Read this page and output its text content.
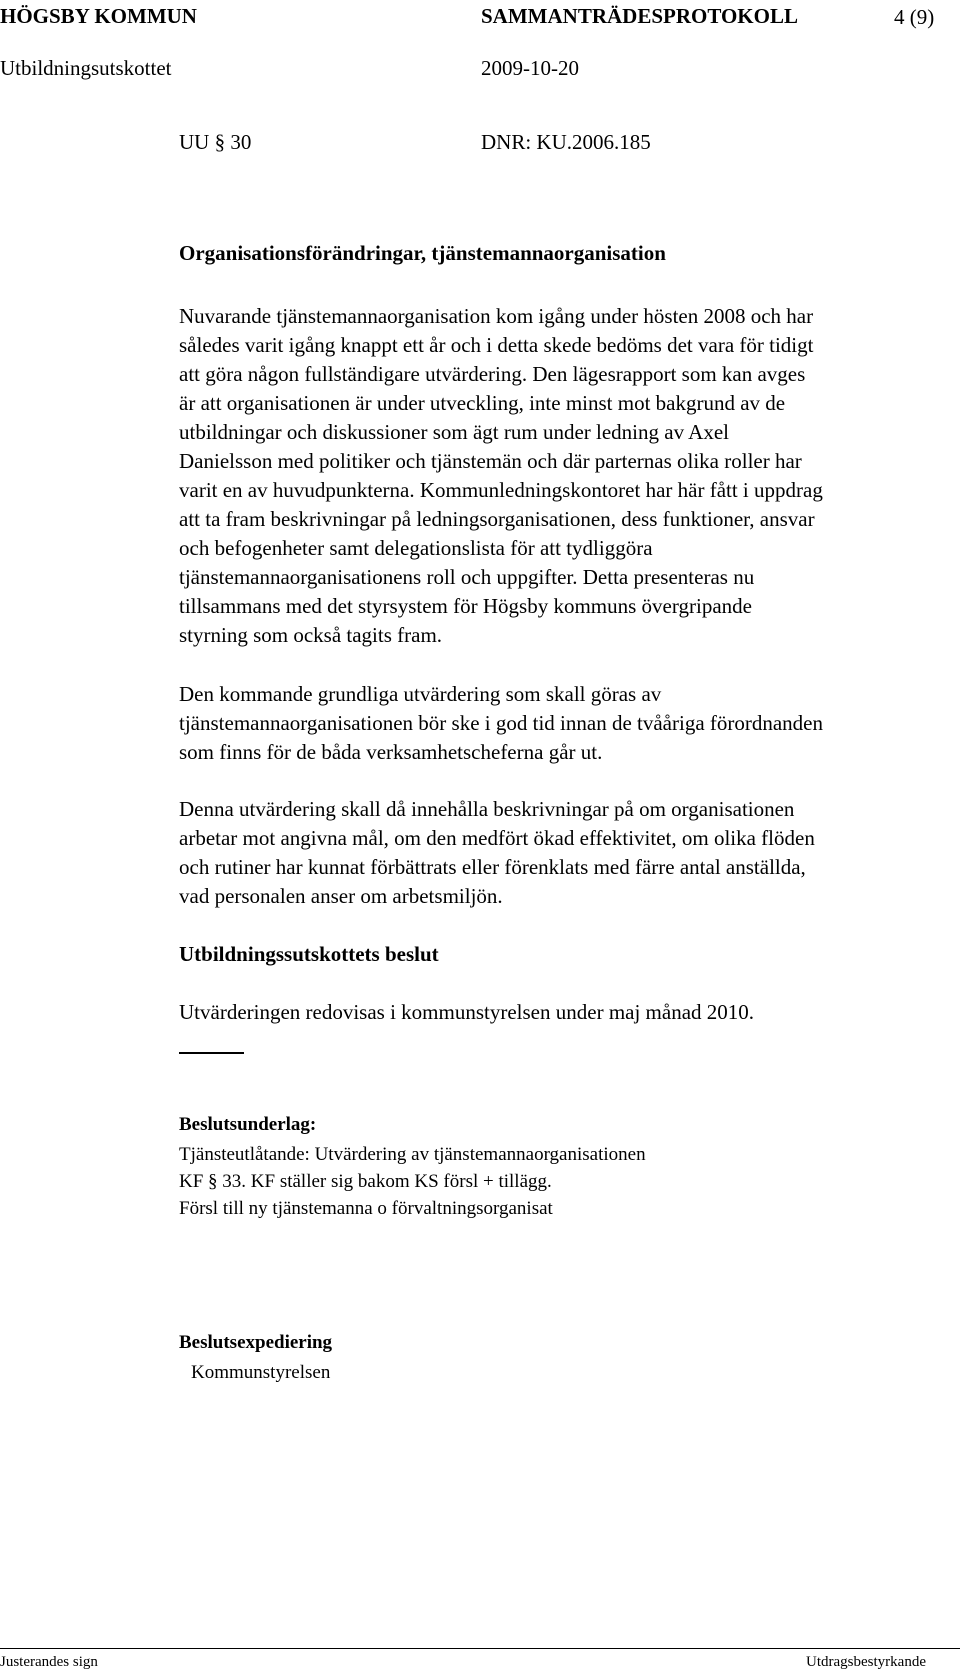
HÖGSBY KOMMUN	SAMMANTRÄDESPROTOKOLL	4 (9)
Utbildningsutskottet	2009-10-20
UU § 30	DNR: KU.2006.185
Organisationsförändringar, tjänstemannaorganisation
Nuvarande tjänstemannaorganisation kom igång under hösten 2008 och har
således varit igång knappt ett år och i detta skede bedöms det vara för tidigt
att göra någon fullständigare utvärdering. Den lägesrapport som kan avges
är att organisationen är under utveckling, inte minst mot bakgrund av de
utbildningar och diskussioner som ägt rum under ledning av Axel
Danielsson med politiker och tjänstemän och där parternas olika roller har
varit en av huvudpunkterna. Kommunledningskontoret har här fått i uppdrag
att ta fram beskrivningar på ledningsorganisationen, dess funktioner, ansvar
och befogenheter samt delegationslista för att tydliggöra
tjänstemannaorganisationens roll och uppgifter. Detta presenteras nu
tillsammans med det styrsystem för Högsby kommuns övergripande
styrning som också tagits fram.
Den kommande grundliga utvärdering som skall göras av
tjänstemannaorganisationen bör ske i god tid innan de tvååriga förordnanden
som finns för de båda verksamhetscheferna går ut.
Denna utvärdering skall då innehålla beskrivningar på om organisationen
arbetar mot angivna mål, om den medfört ökad effektivitet, om olika flöden
och rutiner har kunnat förbättrats eller förenklats med färre antal anställda,
vad personalen anser om arbetsmiljön.
Utbildningssutskottets beslut
Utvärderingen redovisas i kommunstyrelsen under maj månad 2010.
Beslutsunderlag:
Tjänsteutlåtande: Utvärdering av tjänstemannaorganisationen
KF § 33. KF ställer sig bakom KS försl + tillägg.
Försl till ny tjänstemanna o förvaltningsorganisat
Beslutsexpediering
Kommunstyrelsen
Justerandes sign	Utdragsbestyrkande
